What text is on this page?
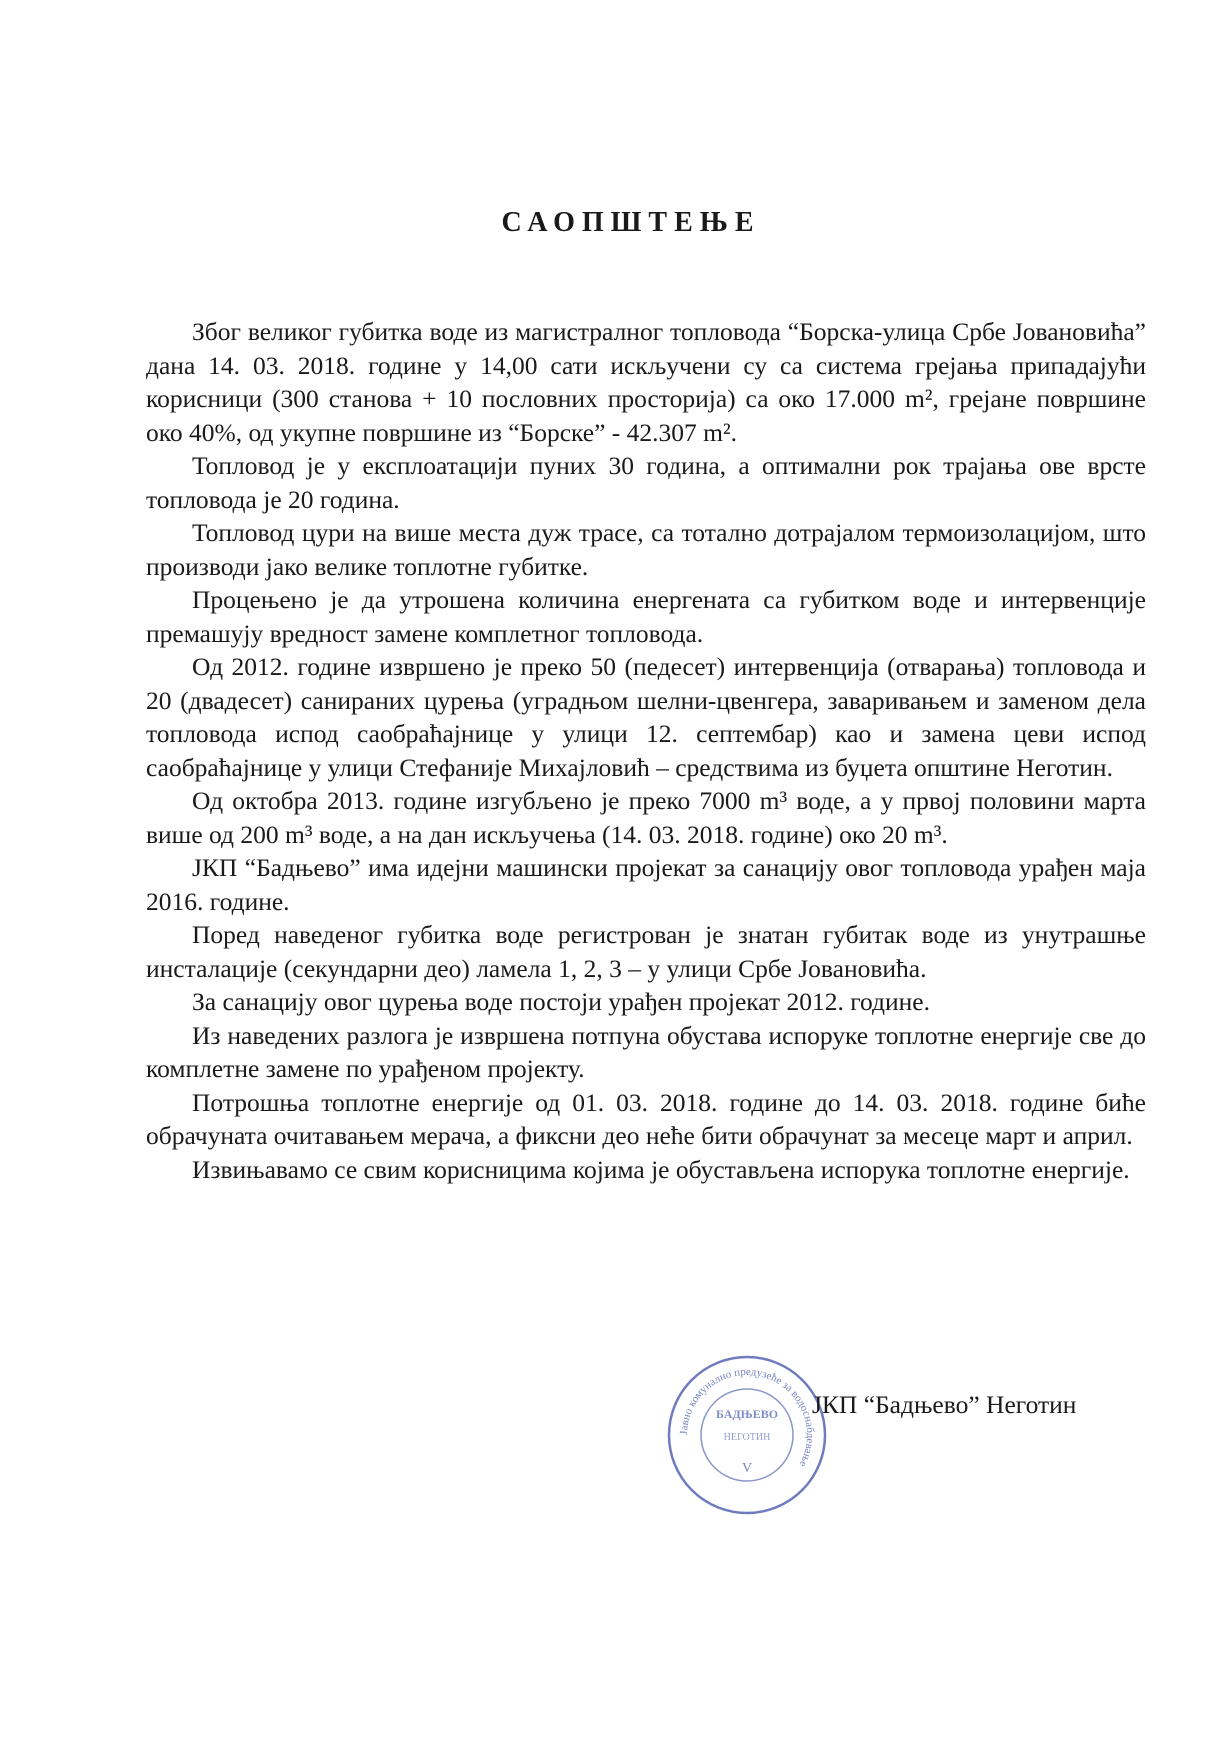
САОПШТЕЊЕ

Због великог губитка воде из магистралног топловода “Борска-улица Србе Јовановића” дана 14. 03. 2018. године у 14,00 сати искључени су са система грејања припадајући корисници (300 станова + 10 пословних просторија) са око 17.000 m², грејане површине око 40%, од укупне површине из “Борске” - 42.307 m².

Топловод је у експлоатацији пуних 30 година, а оптимални рок трајања ове врсте топловода је 20 година.

Топловод цури на више места дуж трасе, са тотално дотрајалом термоизолацијом, што производи јако велике топлотне губитке.

Процењено је да утрошена количина енергената са губитком воде и интервенције премашују вредност замене комплетног топловода.

Од 2012. године извршено је преко 50 (педесет) интервенција (отварања) топловода и 20 (двадесет) санираних цурења (уградњом шелни-цвенгера, заваривањем и заменом дела топловода испод саобраћајнице у улици 12. септембар) као и замена цеви испод саобраћајнице у улици Стефаније Михајловић – средствима из буџета општине Неготин.

Од октобра 2013. године изгубљено је преко 7000 m³ воде, а у првој половини марта више од 200 m³ воде, а на дан искључења (14. 03. 2018. године) око 20 m³.

ЈКП “Бадњево” има идејни машински пројекат за санацију овог топловода урађен маја 2016. године.

Поред наведеног губитка воде регистрован је знатан губитак воде из унутрашње инсталације (секундарни део) ламела 1, 2, 3 – у улици Србе Јовановића.

За санацију овог цурења воде постоји урађен пројекат 2012. године.

Из наведених разлога је извршена потпуна обустава испоруке топлотне енергије све до комплетне замене по урађеном пројекту.

Потрошња топлотне енергије од 01. 03. 2018. године до 14. 03. 2018. године биће обрачуната очитавањем мерача, а фиксни део неће бити обрачунат за месеце март и април.

Извињавамо се свим корисницима којима је обустављена испорука топлотне енергије.

Јавно комунално предузеће за водоснабдевање
БАДЊЕВО
НЕГОТИН
V
ЈКП “Бадњево” Неготин
